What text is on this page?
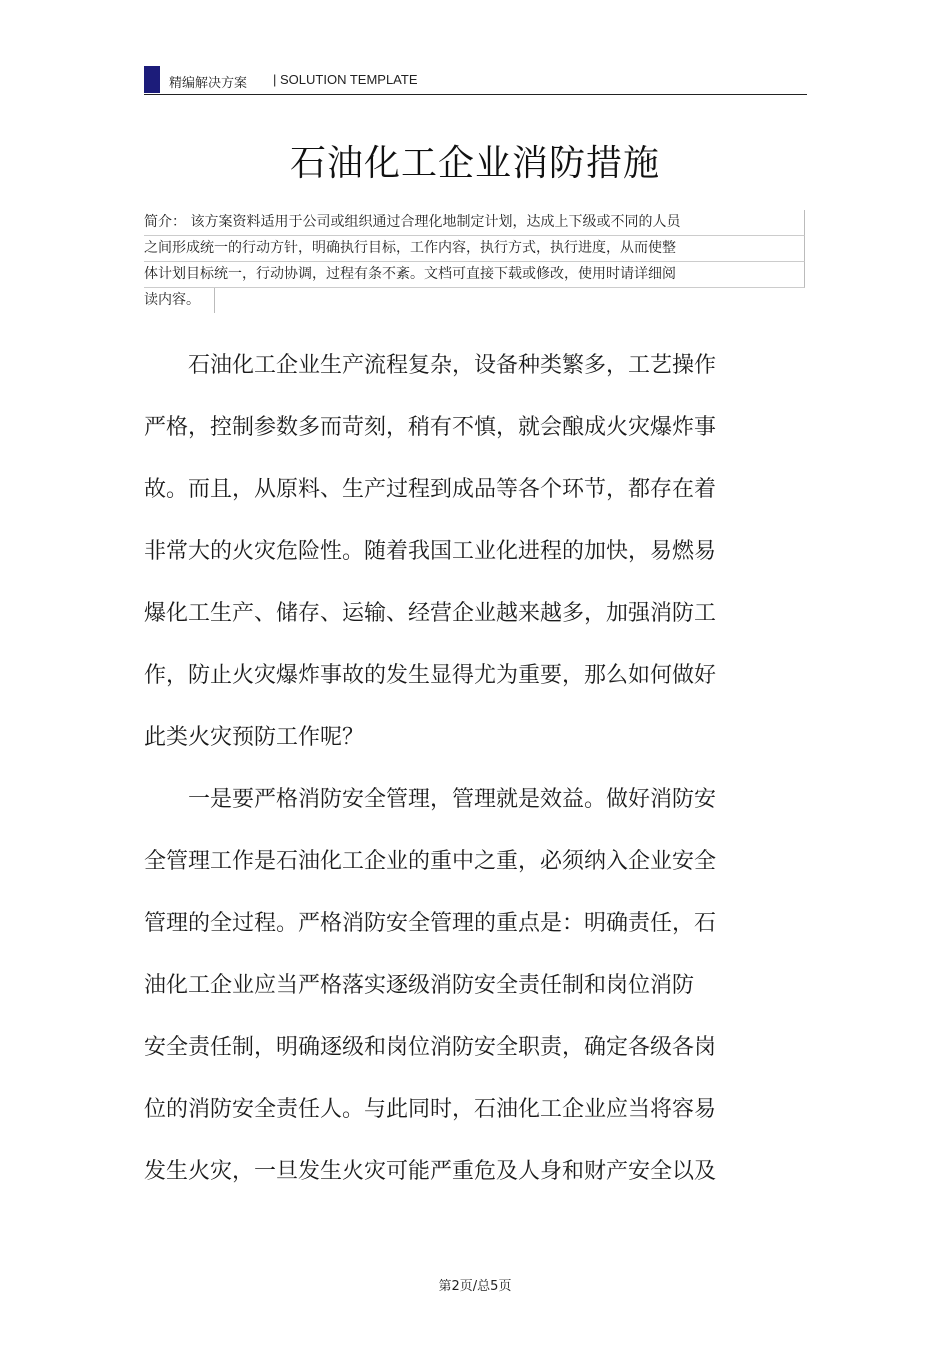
精编解决方案 | SOLUTION TEMPLATE
石油化工企业消防措施
简介： 该方案资料适用于公司或组织通过合理化地制定计划，达成上下级或不同的人员
之间形成统一的行动方针，明确执行目标，工作内容，执行方式，执行进度，从而使整
体计划目标统一，行动协调，过程有条不紊。文档可直接下载或修改，使用时请详细阅
读内容。

　　石油化工企业生产流程复杂，设备种类繁多，工艺操作
严格，控制参数多而苛刻，稍有不慎，就会酿成火灾爆炸事
故。而且，从原料、生产过程到成品等各个环节，都存在着
非常大的火灾危险性。随着我国工业化进程的加快，易燃易
爆化工生产、储存、运输、经营企业越来越多，加强消防工
作，防止火灾爆炸事故的发生显得尤为重要，那么如何做好
此类火灾预防工作呢？

　　一是要严格消防安全管理，管理就是效益。做好消防安
全管理工作是石油化工企业的重中之重，必须纳入企业安全
管理的全过程。严格消防安全管理的重点是：明确责任，石
油化工企业应当严格落实逐级消防安全责任制和岗位消防
安全责任制，明确逐级和岗位消防安全职责，确定各级各岗
位的消防安全责任人。与此同时，石油化工企业应当将容易
发生火灾，一旦发生火灾可能严重危及人身和财产安全以及

第2页/总5页
